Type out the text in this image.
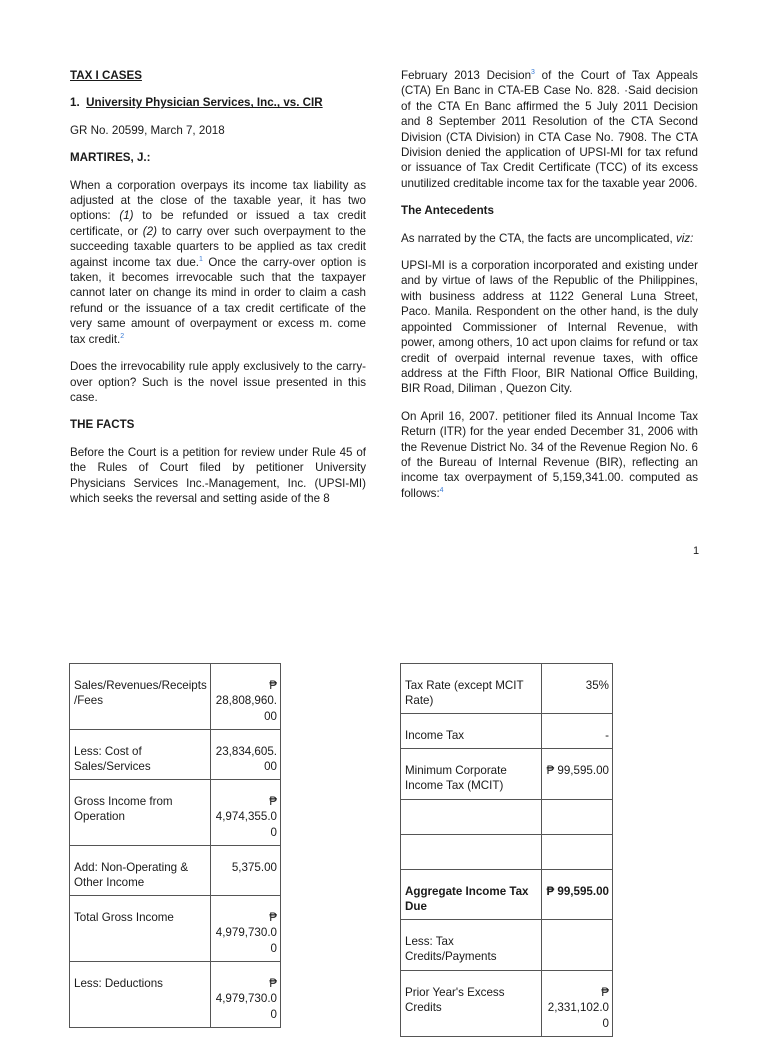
TAX I CASES
1. University Physician Services, Inc., vs. CIR

GR No. 20599, March 7, 2018

MARTIRES, J.:

When a corporation overpays its income tax liability as adjusted at the close of the taxable year, it has two options: (1) to be refunded or issued a tax credit certificate, or (2) to carry over such overpayment to the succeeding taxable quarters to be applied as tax credit against income tax due.$^1$ Once the carry-over option is taken, it becomes irrevocable such that the taxpayer cannot later on change its mind in order to claim a cash refund or the issuance of a tax credit certificate of the very same amount of overpayment or excess m. come tax credit.$^2$

Does the irrevocability rule apply exclusively to the carry-over option? Such is the novel issue presented in this case.

THE FACTS

Before the Court is a petition for review under Rule 45 of the Rules of Court filed by petitioner University Physicians Services Inc.-Management, Inc. (UPSI-MI) which seeks the reversal and setting aside of the 8

February 2013 Decision$^3$ of the Court of Tax Appeals (CTA) En Banc in CTA-EB Case No. 828. ·Said decision of the CTA En Banc affirmed the 5 July 2011 Decision and 8 September 2011 Resolution of the CTA Second Division (CTA Division) in CTA Case No. 7908. The CTA Division denied the application of UPSI-MI for tax refund or issuance of Tax Credit Certificate (TCC) of its excess unutilized creditable income tax for the taxable year 2006.

The Antecedents

As narrated by the CTA, the facts are uncomplicated, viz:

UPSI-MI is a corporation incorporated and existing under and by virtue of laws of the Republic of the Philippines, with business address at 1122 General Luna Street, Paco. Manila. Respondent on the other hand, is the duly appointed Commissioner of Internal Revenue, with power, among others, 10 act upon claims for refund or tax credit of overpaid internal revenue taxes, with office address at the Fifth Floor, BIR National Office Building, BIR Road, Diliman , Quezon City.

On April 16, 2007. petitioner filed its Annual Income Tax Return (ITR) for the year ended December 31, 2006 with the Revenue District No. 34 of the Revenue Region No. 6 of the Bureau of Internal Revenue (BIR), reflecting an income tax overpayment of 5,159,341.00. computed as follows:$^4$

1
Sales/Revenues/Receipts/Fees	₱ 28,808,960.00
Less: Cost of Sales/Services	23,834,605.00
Gross Income from Operation	₱ 4,974,355.00
Add: Non-Operating & Other Income	5,375.00
Total Gross Income	₱ 4,979,730.00
Less: Deductions	₱ 4,979,730.00
Tax Rate (except MCIT Rate)	35%
Income Tax	-
Minimum Corporate Income Tax (MCIT)	₱ 99,595.00

Aggregate Income Tax Due	₱ 99,595.00
Less: Tax Credits/Payments	
Prior Year's Excess Credits	₱ 2,331,102.00
